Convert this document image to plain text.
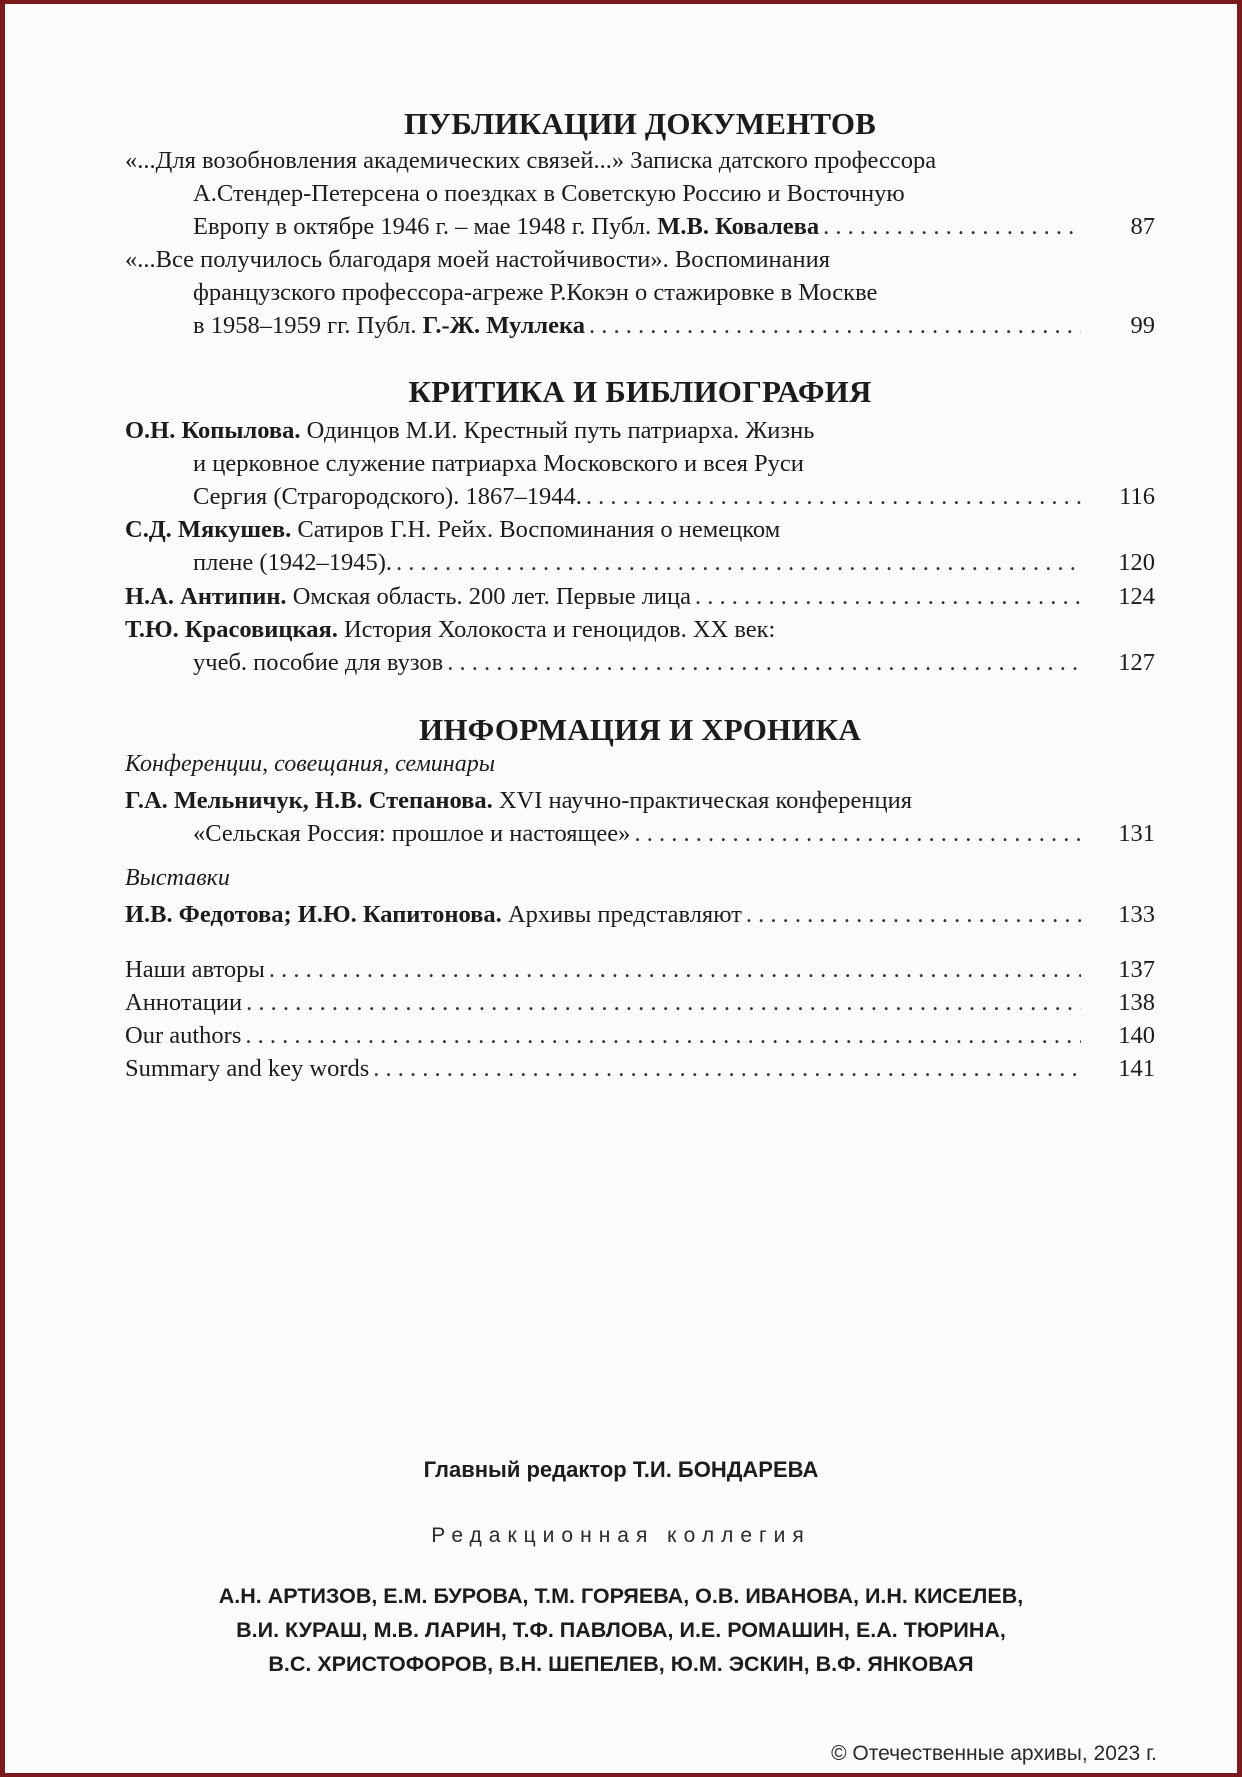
ПУБЛИКАЦИИ ДОКУМЕНТОВ
«...Для возобновления академических связей...» Записка датского профессора
А.Стендер-Петерсена о поездках в Советскую Россию и Восточную
Европу в октябре 1946 г. – мае 1948 г. Публ. М.В. Ковалева . . .	87
«...Все получилось благодаря моей настойчивости». Воспоминания
французского профессора-агреже Р.Кокэн о стажировке в Москве
в 1958–1959 гг. Публ. Г.-Ж. Муллека . . .	99
КРИТИКА И БИБЛИОГРАФИЯ
О.Н. Копылова. Одинцов М.И. Крестный путь патриарха. Жизнь
и церковное служение патриарха Московского и всея Руси
Сергия (Страгородского). 1867–1944. . . .	116
С.Д. Мякушев. Сатиров Г.Н. Рейх. Воспоминания о немецком
плене (1942–1945). . . .	120
Н.А. Антипин. Омская область. 200 лет. Первые лица . . .	124
Т.Ю. Красовицкая. История Холокоста и геноцидов. XX век:
учеб. пособие для вузов . . .	127
ИНФОРМАЦИЯ И ХРОНИКА
Конференции, совещания, семинары
Г.А. Мельничук, Н.В. Степанова. XVI научно-практическая конференция
«Сельская Россия: прошлое и настоящее» . . .	131
Выставки
И.В. Федотова; И.Ю. Капитонова. Архивы представляют . . .	133
Наши авторы . . .	137
Аннотации . . .	138
Our authors . . .	140
Summary and key words . . .	141
Главный редактор Т.И. БОНДАРЕВА
Редакционная коллегия
А.Н. АРТИЗОВ, Е.М. БУРОВА, Т.М. ГОРЯЕВА, О.В. ИВАНОВА, И.Н. КИСЕЛЕВ,
В.И. КУРАШ, М.В. ЛАРИН, Т.Ф. ПАВЛОВА, И.Е. РОМАШИН, Е.А. ТЮРИНА,
В.С. ХРИСТОФОРОВ, В.Н. ШЕПЕЛЕВ, Ю.М. ЭСКИН, В.Ф. ЯНКОВАЯ
© Отечественные архивы, 2023 г.
